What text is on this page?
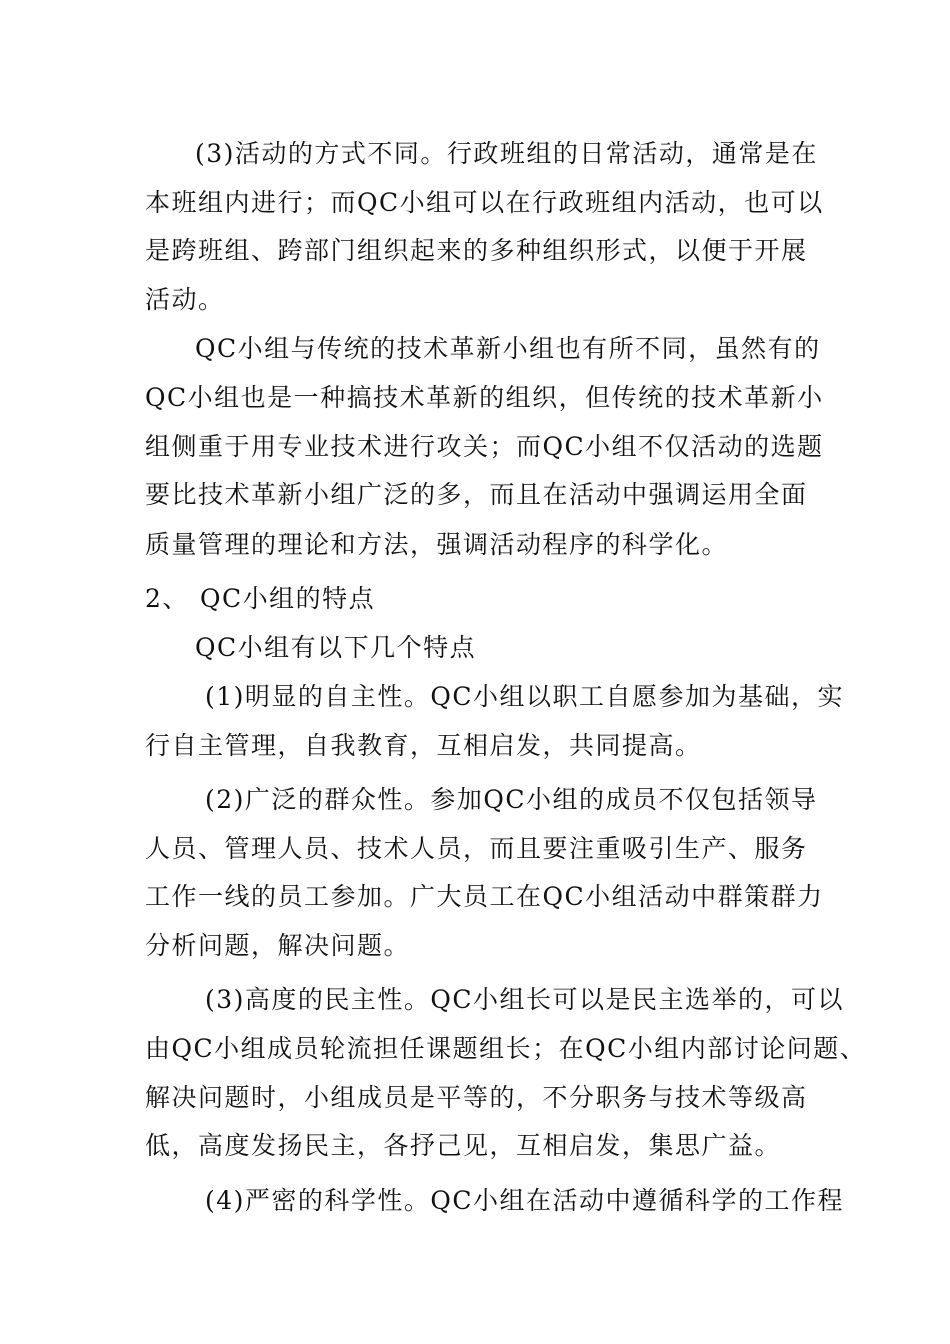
(3)活动的方式不同。行政班组的日常活动，通常是在
本班组内进行；而QC小组可以在行政班组内活动，也可以
是跨班组、跨部门组织起来的多种组织形式，以便于开展
活动。
QC小组与传统的技术革新小组也有所不同，虽然有的
QC小组也是一种搞技术革新的组织，但传统的技术革新小
组侧重于用专业技术进行攻关；而QC小组不仅活动的选题
要比技术革新小组广泛的多，而且在活动中强调运用全面
质量管理的理论和方法，强调活动程序的科学化。
2、 QC小组的特点
QC小组有以下几个特点
(1)明显的自主性。QC小组以职工自愿参加为基础，实
行自主管理，自我教育，互相启发，共同提高。
(2)广泛的群众性。参加QC小组的成员不仅包括领导
人员、管理人员、技术人员，而且要注重吸引生产、服务
工作一线的员工参加。广大员工在QC小组活动中群策群力
分析问题，解决问题。
(3)高度的民主性。QC小组长可以是民主选举的，可以
由QC小组成员轮流担任课题组长；在QC小组内部讨论问题、
解决问题时，小组成员是平等的，不分职务与技术等级高
低，高度发扬民主，各抒己见，互相启发，集思广益。
(4)严密的科学性。QC小组在活动中遵循科学的工作程
